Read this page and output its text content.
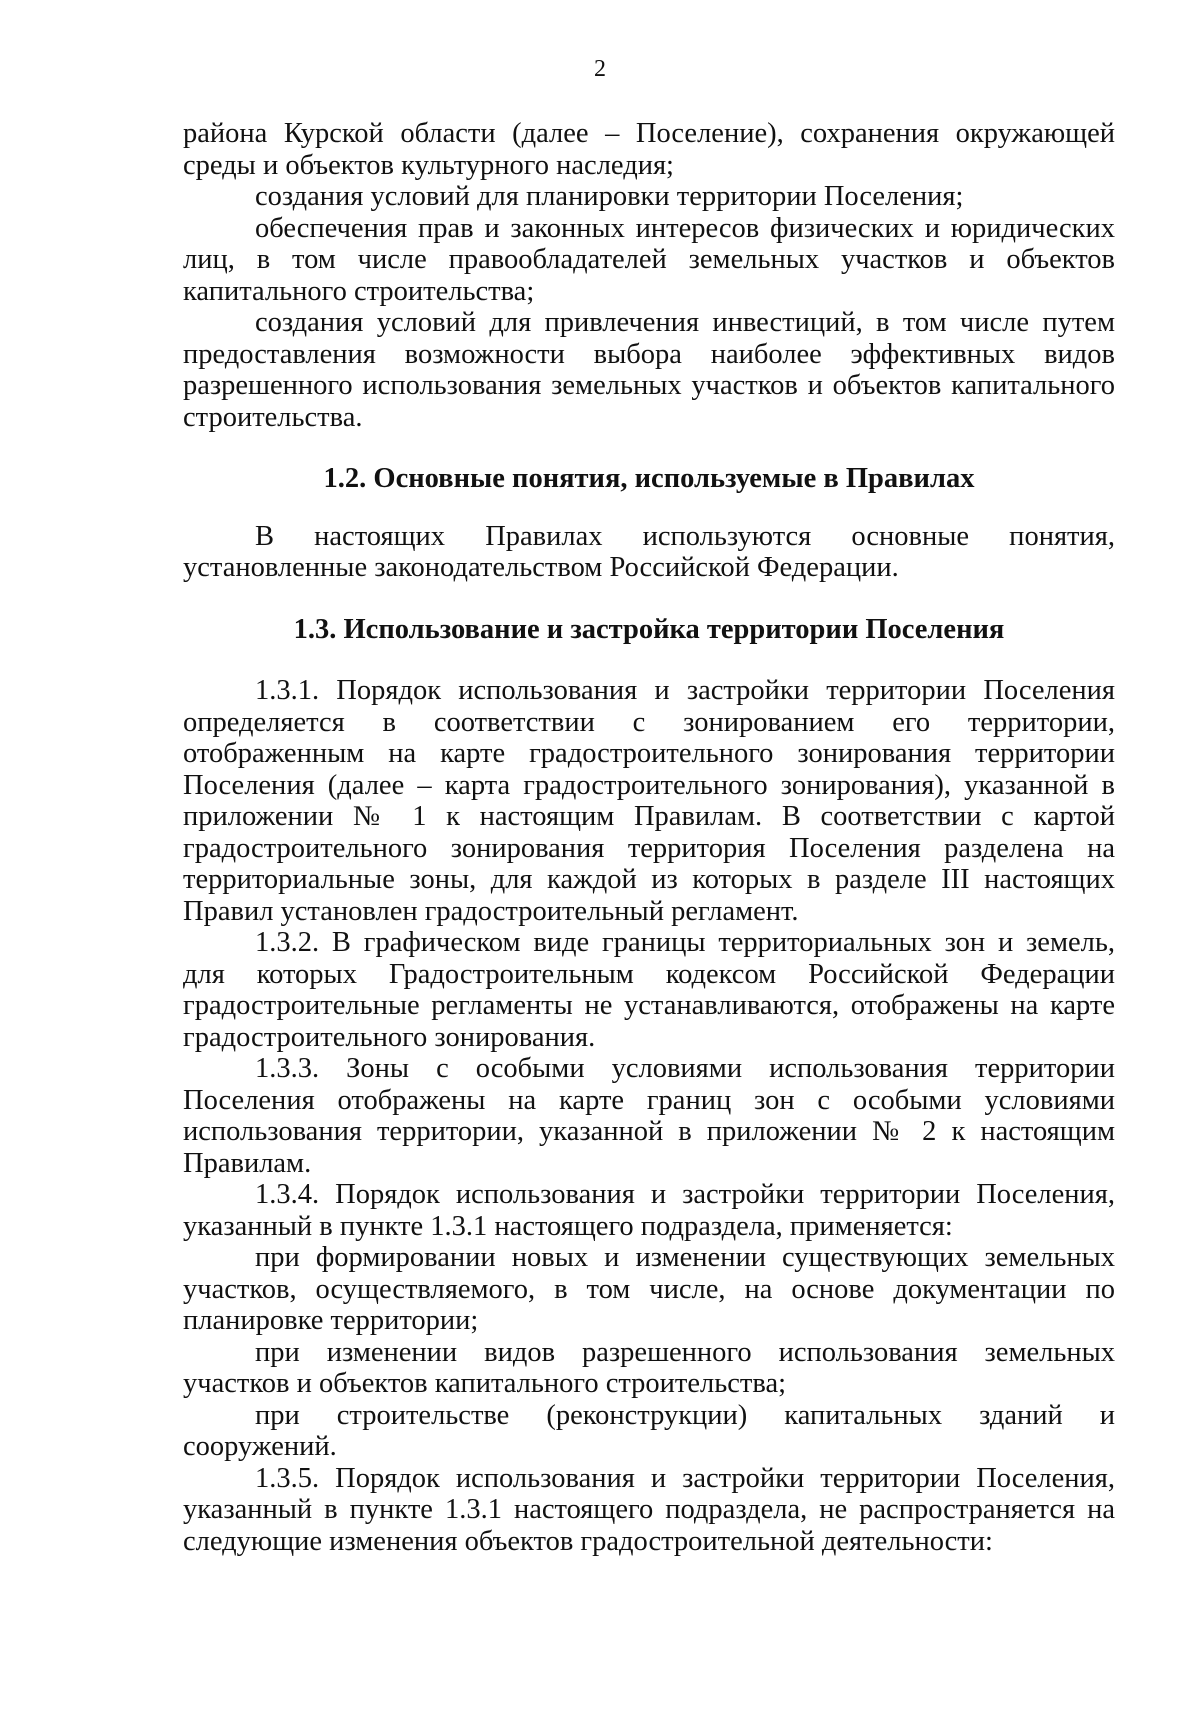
2

района Курской области (далее – Поселение), сохранения окружающей среды и объектов культурного наследия;

создания условий для планировки территории Поселения;

обеспечения прав и законных интересов физических и юридических лиц, в том числе правообладателей земельных участков и объектов капитального строительства;

создания условий для привлечения инвестиций, в том числе путем предоставления возможности выбора наиболее эффективных видов разрешенного использования земельных участков и объектов капитального строительства.

1.2. Основные понятия, используемые в Правилах

В настоящих Правилах используются основные понятия, установленные законодательством Российской Федерации.

1.3. Использование и застройка территории Поселения

1.3.1. Порядок использования и застройки территории Поселения определяется в соответствии с зонированием его территории, отображенным на карте градостроительного зонирования территории Поселения (далее – карта градостроительного зонирования), указанной в приложении № 1 к настоящим Правилам. В соответствии с картой градостроительного зонирования территория Поселения разделена на территориальные зоны, для каждой из которых в разделе III настоящих Правил установлен градостроительный регламент.

1.3.2. В графическом виде границы территориальных зон и земель, для которых Градостроительным кодексом Российской Федерации градостроительные регламенты не устанавливаются, отображены на карте градостроительного зонирования.

1.3.3. Зоны с особыми условиями использования территории Поселения отображены на карте границ зон с особыми условиями использования территории, указанной в приложении № 2 к настоящим Правилам.

1.3.4. Порядок использования и застройки территории Поселения, указанный в пункте 1.3.1 настоящего подраздела, применяется:

при формировании новых и изменении существующих земельных участков, осуществляемого, в том числе, на основе документации по планировке территории;

при изменении видов разрешенного использования земельных участков и объектов капитального строительства;

при строительстве (реконструкции) капитальных зданий и сооружений.

1.3.5. Порядок использования и застройки территории Поселения, указанный в пункте 1.3.1 настоящего подраздела, не распространяется на следующие изменения объектов градостроительной деятельности:
